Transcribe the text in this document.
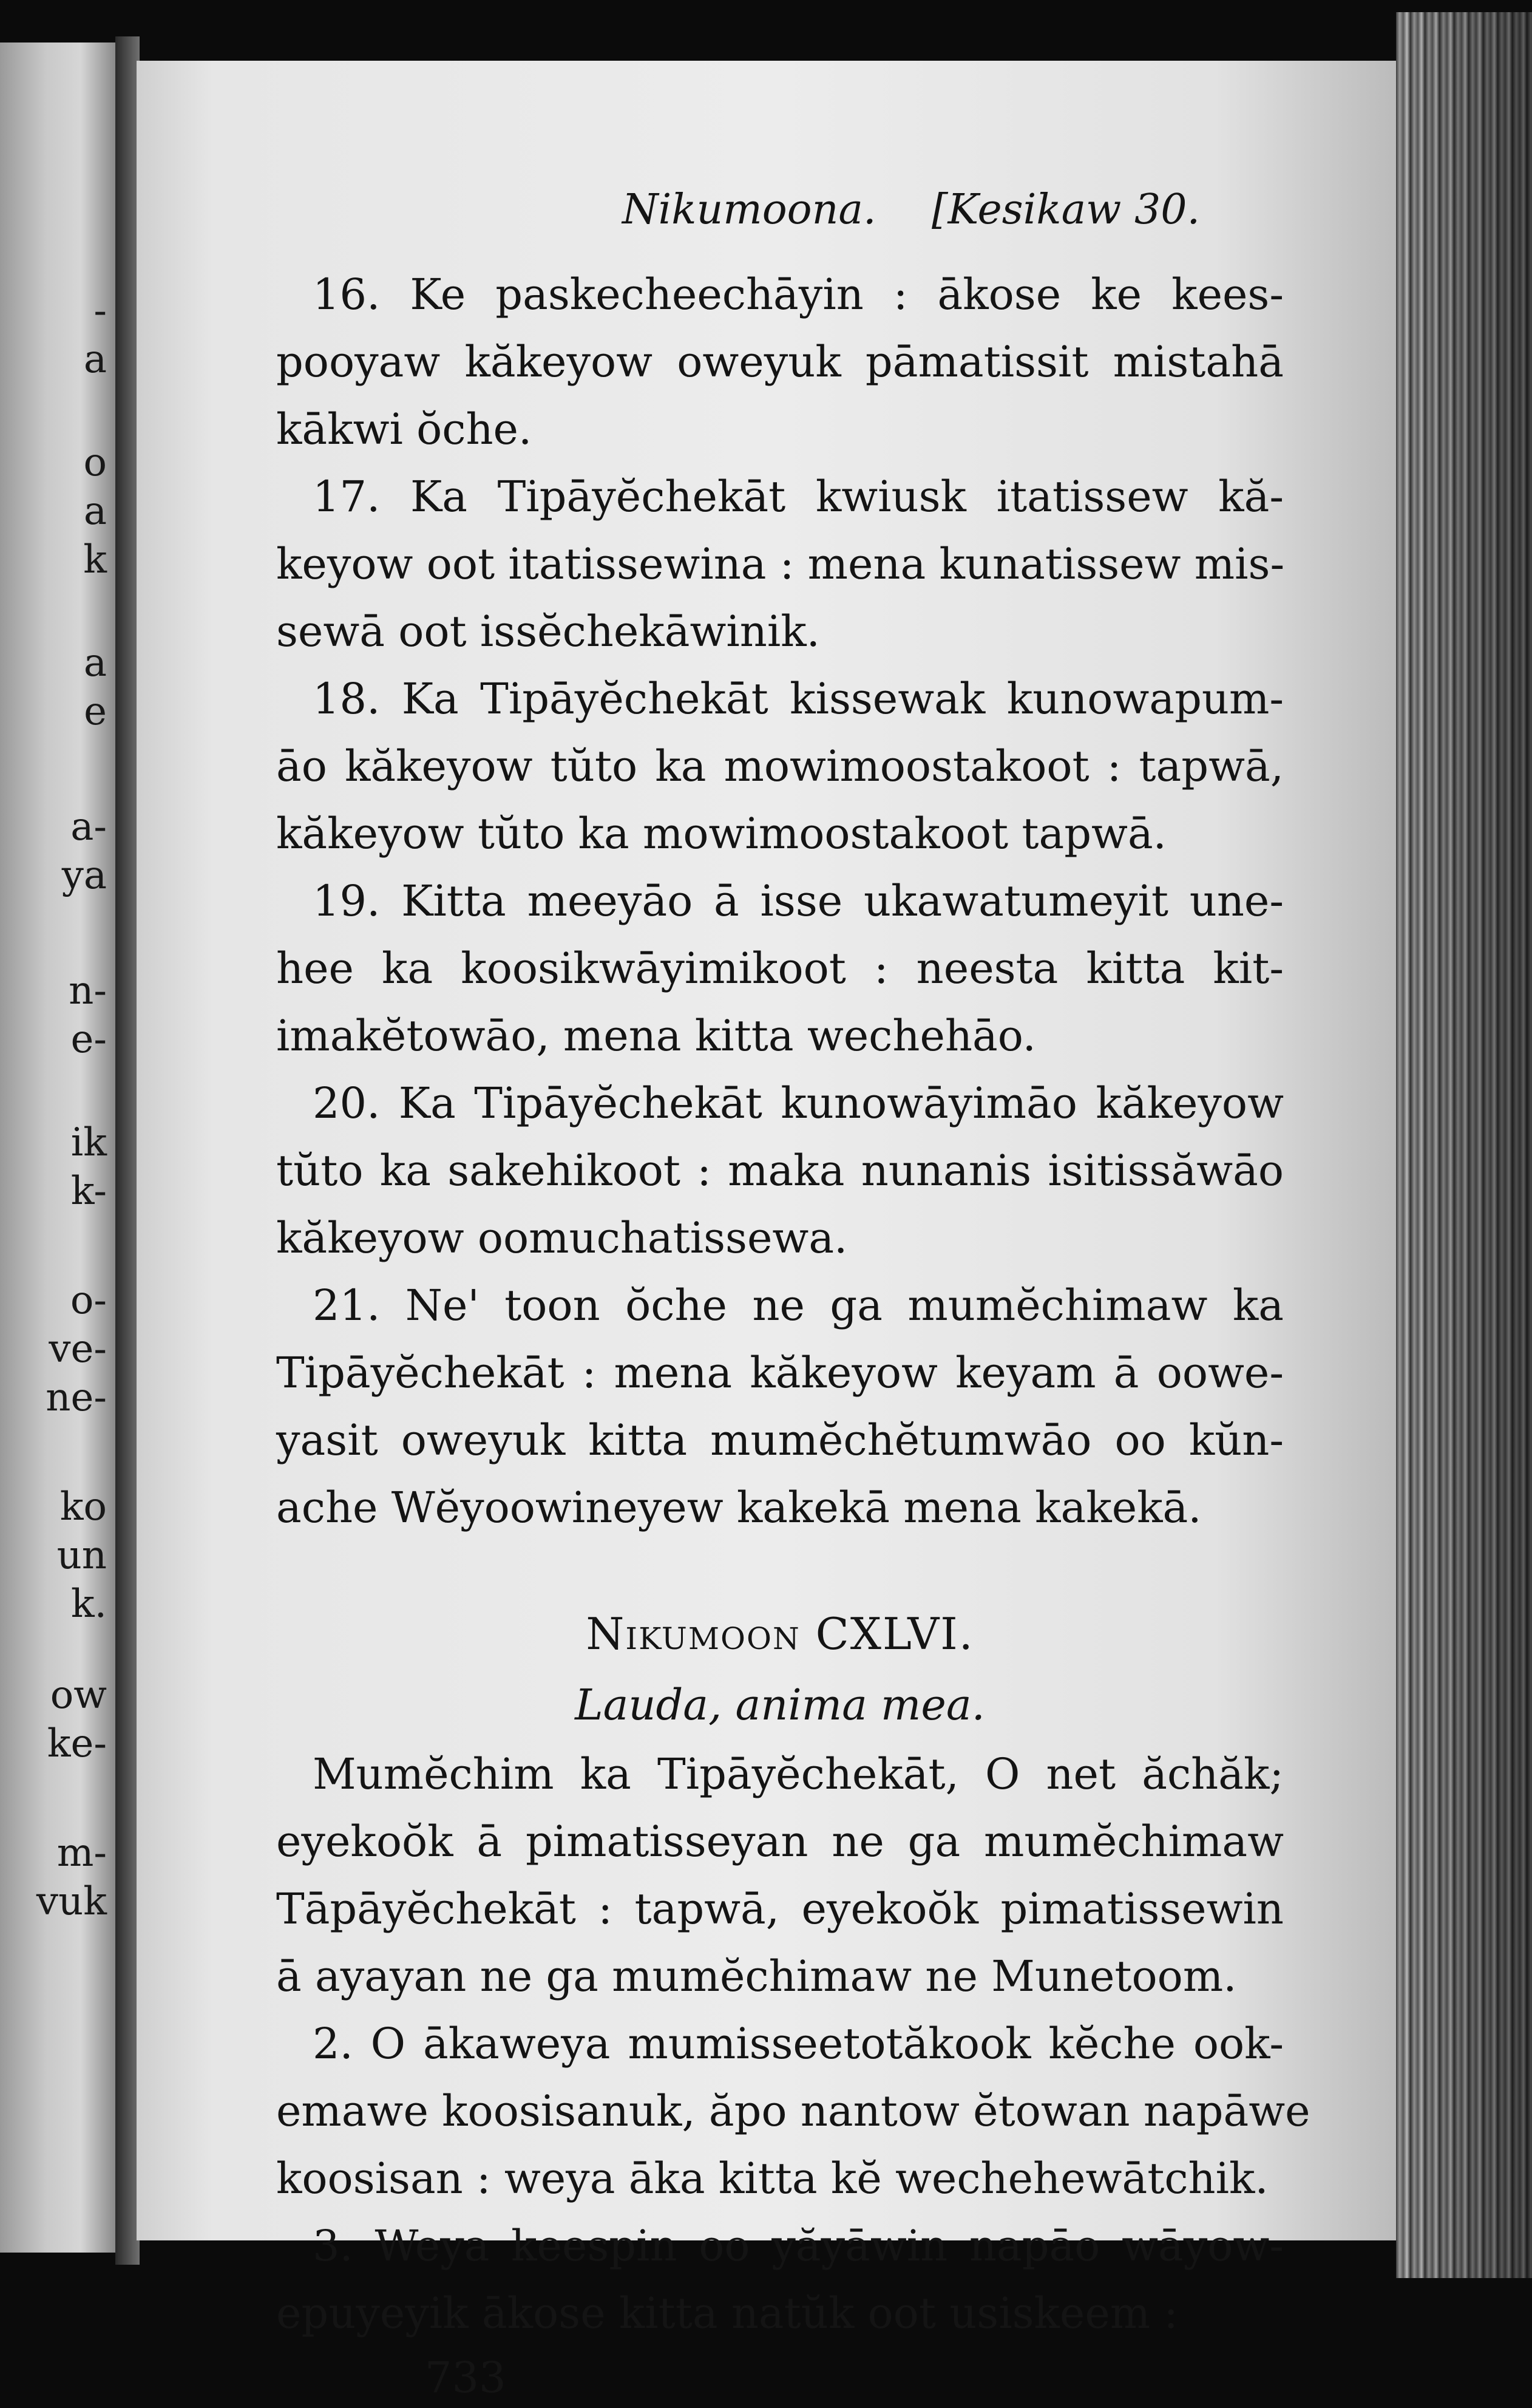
-
a
o
a
k
a
e
a-
ya
n-
e-
ik
k-
o-
ve-
ne-
ko
un
k.
ow
ke-
m-
vuk
Nikumoona. [Kesikaw 30.
16. Ke paskecheechāyin : ākose ke kees-
pooyaw kăkeyow oweyuk pāmatissit mistahā
kākwi ŏche.
17. Ka Tipāyĕchekāt kwiusk itatissew kă-
keyow oot itatissewina : mena kunatissew mis-
sewā oot issĕchekāwinik.
18. Ka Tipāyĕchekāt kissewak kunowapum-
āo kăkeyow tŭto ka mowimoostakoot : tapwā,
kăkeyow tŭto ka mowimoostakoot tapwā.
19. Kitta meeyāo ā isse ukawatumeyit une-
hee ka koosikwāyimikoot : neesta kitta kit-
imakĕtowāo, mena kitta wechehāo.
20. Ka Tipāyĕchekāt kunowāyimāo kăkeyow
tŭto ka sakehikoot : maka nunanis isitissăwāo
kăkeyow oomuchatissewa.
21. Ne' toon ŏche ne ga mumĕchimaw ka
Tipāyĕchekāt : mena kăkeyow keyam ā oowe-
yasit oweyuk kitta mumĕchĕtumwāo oo kŭn-
ache Wĕyoowineyew kakekā mena kakekā.
Nikumoon CXLVI.
Lauda, anima mea.
Mumĕchim ka Tipāyĕchekāt, O net ăchăk;
eyekoŏk ā pimatisseyan ne ga mumĕchimaw
Tāpāyĕchekāt : tapwā, eyekoŏk pimatissewin
ā ayayan ne ga mumĕchimaw ne Munetoom.
2. O ākaweya mumisseetotăkook kĕche ook-
emawe koosisanuk, ăpo nantow ĕtowan napāwe
koosisan : weya āka kitta kĕ wechehewātchik.
3. Weya keespin oo yăyāwin napāo wāyow-
epuyeyik ākose kitta natŭk oot usiskeem :
733
